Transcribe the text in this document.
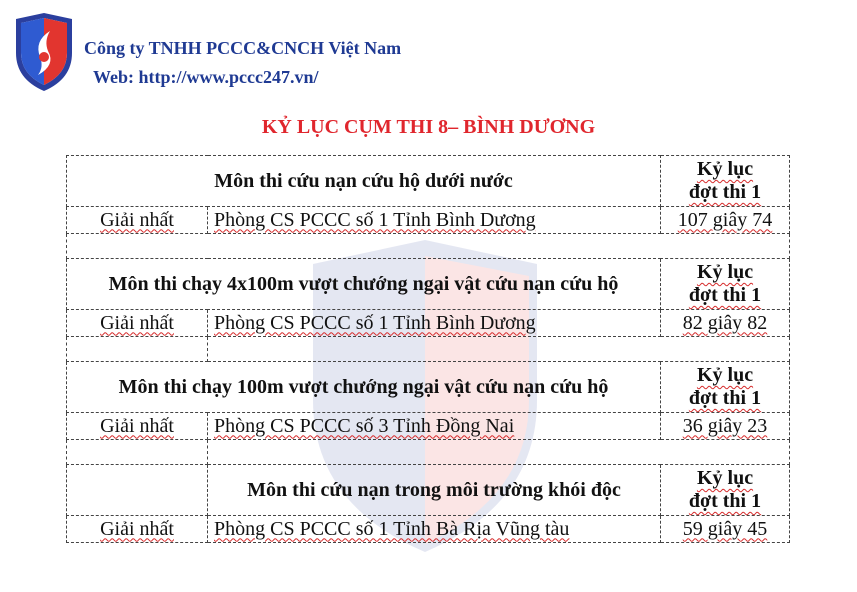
Công ty TNHH PCCC&CNCH Việt Nam
Web: http://www.pccc247.vn/
KỶ LỤC CỤM THI 8– BÌNH DƯƠNG
Môn thi cứu nạn cứu hộ dưới nước		Kỷ lục
đợt thi 1
Giải nhất	Phòng CS PCCC số 1 Tỉnh Bình Dương	107 giây 74

Môn thi chạy 4x100m vượt chướng ngại vật cứu nạn cứu hộ		Kỷ lục
đợt thi 1
Giải nhất	Phòng CS PCCC số 1 Tỉnh Bình Dương	82 giây 82

Môn thi chạy 100m vượt chướng ngại vật cứu nạn cứu hộ		Kỷ lục
đợt thi 1
Giải nhất	Phòng CS PCCC số 3 Tỉnh Đồng Nai	36 giây 23

	Môn thi cứu nạn trong môi trường khói độc	Kỷ lục
đợt thi 1
Giải nhất	Phòng CS PCCC số 1 Tỉnh Bà Rịa Vũng tàu	59 giây 45
